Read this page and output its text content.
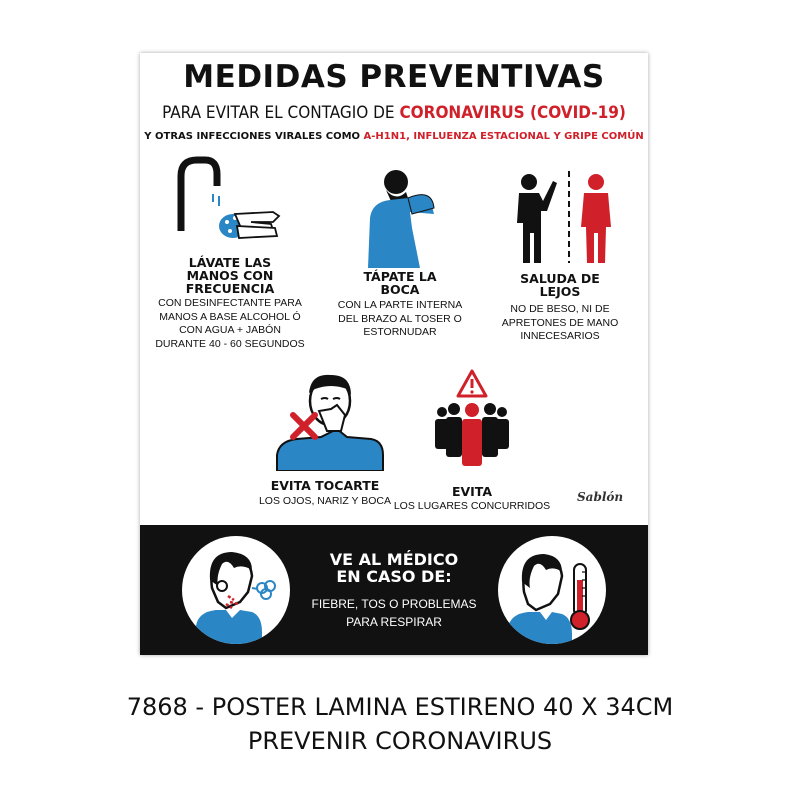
MEDIDAS PREVENTIVAS
PARA EVITAR EL CONTAGIO DE CORONAVIRUS (COVID-19)
Y OTRAS INFECCIONES VIRALES COMO A-H1N1, INFLUENZA ESTACIONAL Y GRIPE COMÚN
LÁVATE LAS
MANOS CON
FRECUENCIA
CON DESINFECTANTE PARA
MANOS A BASE ALCOHOL Ó
CON AGUA + JABÓN
DURANTE 40 - 60 SEGUNDOS
TÁPATE LA
BOCA
CON LA PARTE INTERNA
DEL BRAZO AL TOSER O
ESTORNUDAR
SALUDA DE
LEJOS
NO DE BESO, NI DE
APRETONES DE MANO
INNECESARIOS
EVITA TOCARTE
LOS OJOS, NARIZ Y BOCA
EVITA
LOS LUGARES CONCURRIDOS
Sablón
VE AL MÉDICO
EN CASO DE:
FIEBRE, TOS O PROBLEMAS
PARA RESPIRAR
7868 - POSTER LAMINA ESTIRENO 40 X 34CM
PREVENIR CORONAVIRUS
